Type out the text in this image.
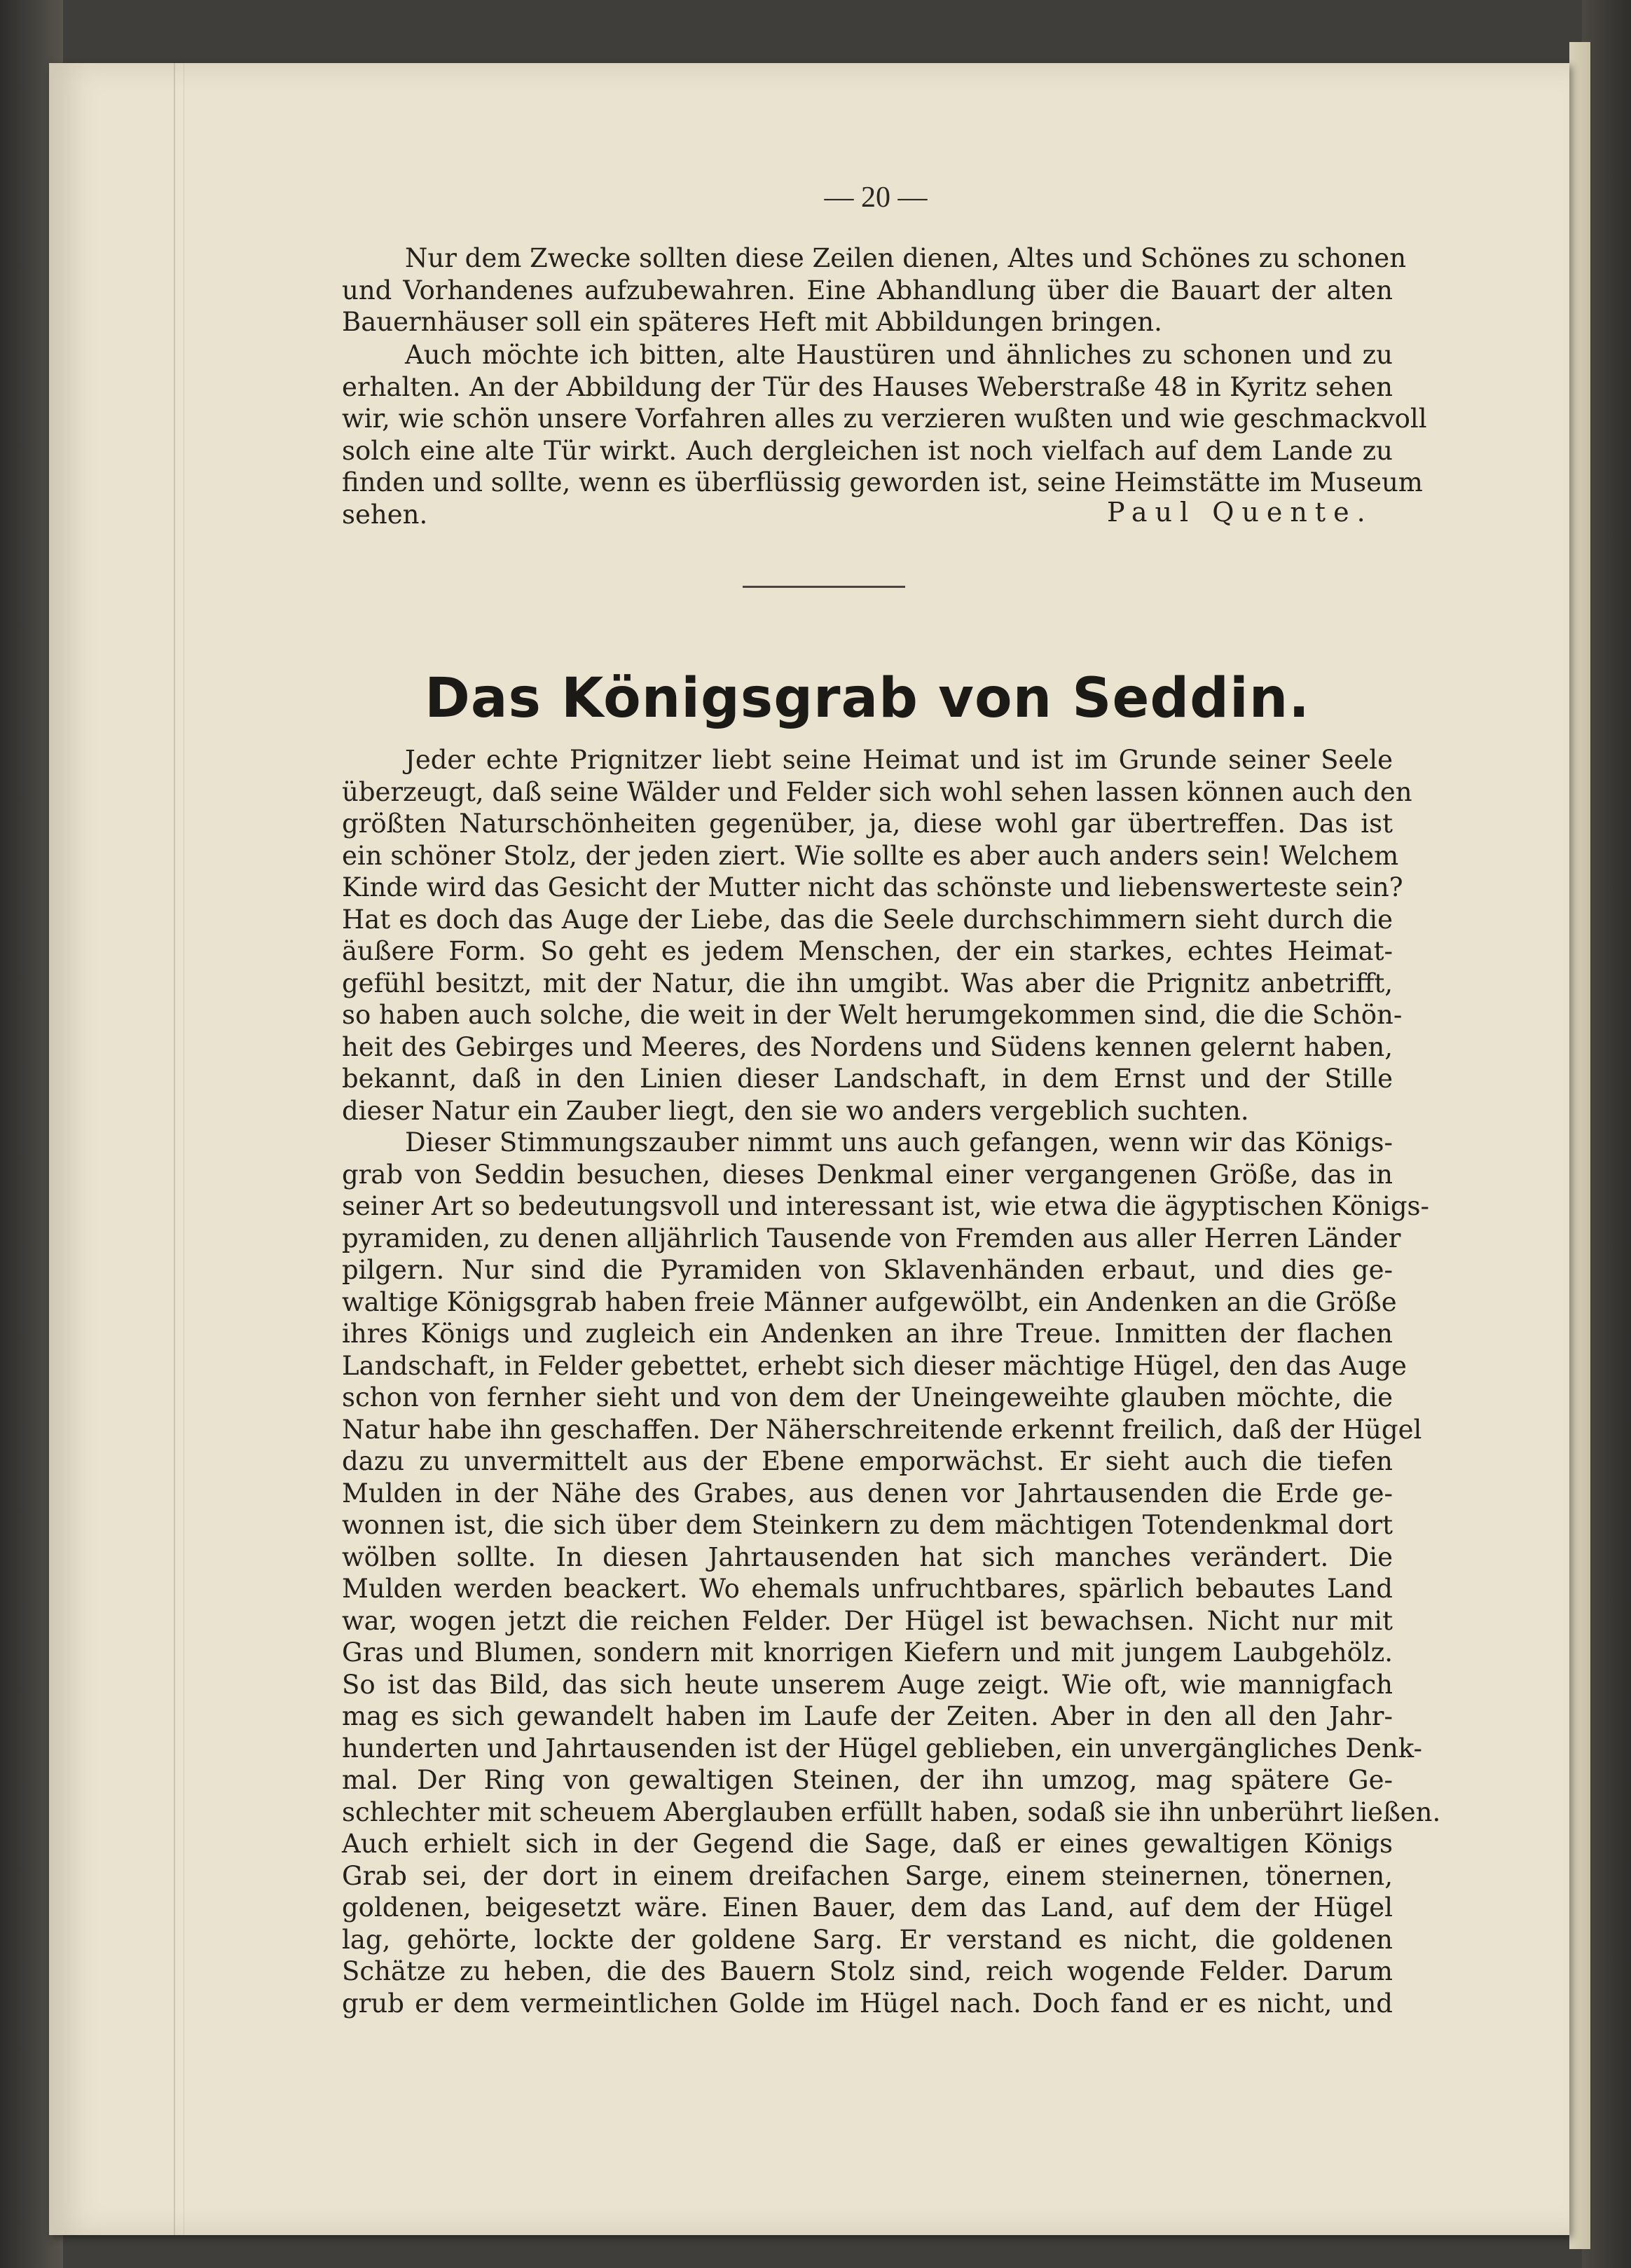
— 20 —
Nur dem Zwecke sollten diese Zeilen dienen, Altes und Schönes zu schonen
und Vorhandenes aufzubewahren. Eine Abhandlung über die Bauart der alten
Bauernhäuser soll ein späteres Heft mit Abbildungen bringen.
Auch möchte ich bitten, alte Haustüren und ähnliches zu schonen und zu
erhalten. An der Abbildung der Tür des Hauses Weberstraße 48 in Kyritz sehen
wir, wie schön unsere Vorfahren alles zu verzieren wußten und wie geschmackvoll
solch eine alte Tür wirkt. Auch dergleichen ist noch vielfach auf dem Lande zu
finden und sollte, wenn es überflüssig geworden ist, seine Heimstätte im Museum
sehen.	Paul Quente.
Das Königsgrab von Seddin.
Jeder echte Prignitzer liebt seine Heimat und ist im Grunde seiner Seele
überzeugt, daß seine Wälder und Felder sich wohl sehen lassen können auch den
größten Naturschönheiten gegenüber, ja, diese wohl gar übertreffen. Das ist
ein schöner Stolz, der jeden ziert. Wie sollte es aber auch anders sein! Welchem
Kinde wird das Gesicht der Mutter nicht das schönste und liebenswerteste sein?
Hat es doch das Auge der Liebe, das die Seele durchschimmern sieht durch die
äußere Form. So geht es jedem Menschen, der ein starkes, echtes Heimat-
gefühl besitzt, mit der Natur, die ihn umgibt. Was aber die Prignitz anbetrifft,
so haben auch solche, die weit in der Welt herumgekommen sind, die die Schön-
heit des Gebirges und Meeres, des Nordens und Südens kennen gelernt haben,
bekannt, daß in den Linien dieser Landschaft, in dem Ernst und der Stille
dieser Natur ein Zauber liegt, den sie wo anders vergeblich suchten.
Dieser Stimmungszauber nimmt uns auch gefangen, wenn wir das Königs-
grab von Seddin besuchen, dieses Denkmal einer vergangenen Größe, das in
seiner Art so bedeutungsvoll und interessant ist, wie etwa die ägyptischen Königs-
pyramiden, zu denen alljährlich Tausende von Fremden aus aller Herren Länder
pilgern. Nur sind die Pyramiden von Sklavenhänden erbaut, und dies ge-
waltige Königsgrab haben freie Männer aufgewölbt, ein Andenken an die Größe
ihres Königs und zugleich ein Andenken an ihre Treue. Inmitten der flachen
Landschaft, in Felder gebettet, erhebt sich dieser mächtige Hügel, den das Auge
schon von fernher sieht und von dem der Uneingeweihte glauben möchte, die
Natur habe ihn geschaffen. Der Näherschreitende erkennt freilich, daß der Hügel
dazu zu unvermittelt aus der Ebene emporwächst. Er sieht auch die tiefen
Mulden in der Nähe des Grabes, aus denen vor Jahrtausenden die Erde ge-
wonnen ist, die sich über dem Steinkern zu dem mächtigen Totendenkmal dort
wölben sollte. In diesen Jahrtausenden hat sich manches verändert. Die
Mulden werden beackert. Wo ehemals unfruchtbares, spärlich bebautes Land
war, wogen jetzt die reichen Felder. Der Hügel ist bewachsen. Nicht nur mit
Gras und Blumen, sondern mit knorrigen Kiefern und mit jungem Laubgehölz.
So ist das Bild, das sich heute unserem Auge zeigt. Wie oft, wie mannigfach
mag es sich gewandelt haben im Laufe der Zeiten. Aber in den all den Jahr-
hunderten und Jahrtausenden ist der Hügel geblieben, ein unvergängliches Denk-
mal. Der Ring von gewaltigen Steinen, der ihn umzog, mag spätere Ge-
schlechter mit scheuem Aberglauben erfüllt haben, sodaß sie ihn unberührt ließen.
Auch erhielt sich in der Gegend die Sage, daß er eines gewaltigen Königs
Grab sei, der dort in einem dreifachen Sarge, einem steinernen, tönernen,
goldenen, beigesetzt wäre. Einen Bauer, dem das Land, auf dem der Hügel
lag, gehörte, lockte der goldene Sarg. Er verstand es nicht, die goldenen
Schätze zu heben, die des Bauern Stolz sind, reich wogende Felder. Darum
grub er dem vermeintlichen Golde im Hügel nach. Doch fand er es nicht, und
